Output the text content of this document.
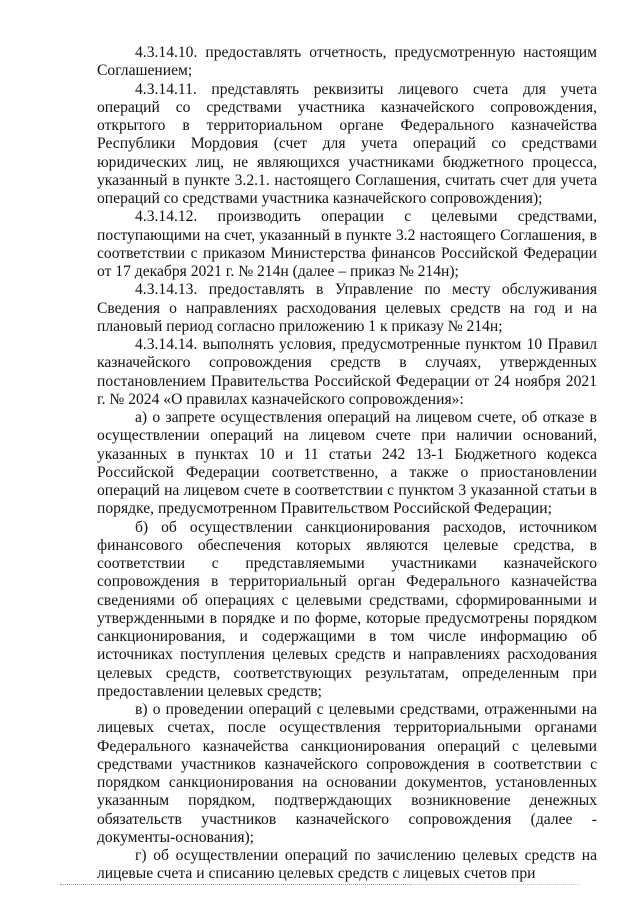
4.3.14.10. предоставлять отчетность, предусмотренную настоящим Соглашением;

4.3.14.11. представлять реквизиты лицевого счета для учета операций со средствами участника казначейского сопровождения, открытого в территориальном органе Федерального казначейства Республики Мордовия (счет для учета операций со средствами юридических лиц, не являющихся участниками бюджетного процесса, указанный в пункте 3.2.1. настоящего Соглашения, считать счет для учета операций со средствами участника казначейского сопровождения);

4.3.14.12. производить операции с целевыми средствами, поступающими на счет, указанный в пункте 3.2 настоящего Соглашения, в соответствии с приказом Министерства финансов Российской Федерации от 17 декабря 2021 г. № 214н (далее – приказ № 214н);

4.3.14.13. предоставлять в Управление по месту обслуживания Сведения о направлениях расходования целевых средств на год и на плановый период согласно приложению 1 к приказу № 214н;

4.3.14.14. выполнять условия, предусмотренные пунктом 10 Правил казначейского сопровождения средств в случаях, утвержденных постановлением Правительства Российской Федерации от 24 ноября 2021 г. № 2024 «О правилах казначейского сопровождения»:

а) о запрете осуществления операций на лицевом счете, об отказе в осуществлении операций на лицевом счете при наличии оснований, указанных в пунктах 10 и 11 статьи 242 13-1 Бюджетного кодекса Российской Федерации соответственно, а также о приостановлении операций на лицевом счете в соответствии с пунктом 3 указанной статьи в порядке, предусмотренном Правительством Российской Федерации;

б) об осуществлении санкционирования расходов, источником финансового обеспечения которых являются целевые средства, в соответствии с представляемыми участниками казначейского сопровождения в территориальный орган Федерального казначейства сведениями об операциях с целевыми средствами, сформированными и утвержденными в порядке и по форме, которые предусмотрены порядком санкционирования, и содержащими в том числе информацию об источниках поступления целевых средств и направлениях расходования целевых средств, соответствующих результатам, определенным при предоставлении целевых средств;

в) о проведении операций с целевыми средствами, отраженными на лицевых счетах, после осуществления территориальными органами Федерального казначейства санкционирования операций с целевыми средствами участников казначейского сопровождения в соответствии с порядком санкционирования на основании документов, установленных указанным порядком, подтверждающих возникновение денежных обязательств участников казначейского сопровождения (далее - документы-основания);

г) об осуществлении операций по зачислению целевых средств на лицевые счета и списанию целевых средств с лицевых счетов при
